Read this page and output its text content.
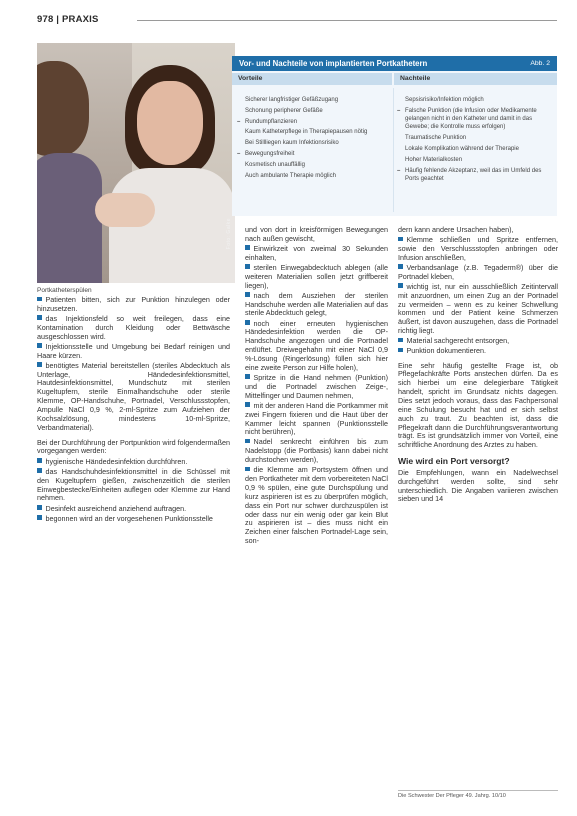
978 | PRAXIS
Foto: Galke
Portkatheterspülen
Vor- und Nachteile von implantierten Portkathetern	Abb. 2
Vorteile	Nachteile
Sicherer langfristiger Gefäßzugang
Schonung peripherer Gefäße
– Rundumpflanzieren
Kaum Katheterpflege in Therapiepausen nötig
Bei Stillliegen kaum Infektionsrisiko
– Bewegungsfreiheit
Kosmetisch unauffällig
Auch ambulante Therapie möglich
Sepsisrisiko/Infektion möglich
– Falsche Punktion (die Infusion oder Medikamente gelangen nicht in den Katheter und damit in das Gewebe; die Kontrolle muss erfolgen)
Traumatische Punktion
Lokale Komplikation während der Therapie
Hoher Materialkosten
– Häufig fehlende Akzeptanz, weil das im Umfeld des Ports geachtet

Patienten bitten, sich zur Punktion hinzulegen oder hinzusetzen.

das Injektionsfeld so weit freilegen, dass eine Kontamination durch Kleidung oder Bettwäsche ausgeschlossen wird.

Injektionsstelle und Umgebung bei Bedarf reinigen und Haare kürzen.

benötigtes Material bereitstellen (steriles Abdecktuch als Unterlage, Händedesinfektionsmittel, Hautdesinfektionsmittel, Mundschutz mit sterilen Kugeltupfern, sterile Einmalhandschuhe oder sterile Klemme, OP-Handschuhe, Portnadel, Verschlussstopfen, Ampulle NaCl 0,9 %, 2-ml-Spritze zum Aufziehen der Kochsalzlösung, mindestens 10-ml-Spritze, Verbandmaterial).

Bei der Durchführung der Portpunktion wird folgendermaßen vorgegangen werden:

hygienische Händedesinfektion durchführen.

das Handschuhdesinfektionsmittel in die Schüssel mit den Kugeltupfern gießen, zwischenzeitlich die sterilen Einwegbestecke/Einheiten auflegen oder Klemme zur Hand nehmen.

Desinfekt ausreichend anziehend auftragen.

begonnen wird an der vorgesehenen Punktionsstelle

und von dort in kreisförmigen Bewegungen nach außen gewischt,

Einwirkzeit von zweimal 30 Sekunden einhalten,

sterilen Einwegabdecktuch ablegen (alle weiteren Materialien sollen jetzt griffbereit liegen),

nach dem Ausziehen der sterilen Handschuhe werden alle Materialien auf das sterile Abdecktuch gelegt,

noch einer erneuten hygienischen Händedesinfektion werden die OP-Handschuhe angezogen und die Portnadel entlüftet. Dreiwegehahn mit einer NaCl 0,9 %-Lösung (Ringerlösung) füllen sich hier eine zweite Person zur Hilfe holen),

Spritze in die Hand nehmen (Punktion) und die Portnadel zwischen Zeige-, Mittelfinger und Daumen nehmen,

mit der anderen Hand die Portkammer mit zwei Fingern fixieren und die Haut über der Kammer leicht spannen (Punktionsstelle nicht berühren),

Nadel senkrecht einführen bis zum Nadelstopp (die Portbasis) kann dabei nicht durchstochen werden),

die Klemme am Portsystem öffnen und den Portkatheter mit dem vorbereiteten NaCl 0,9 % spülen, eine gute Durchspülung und kurz aspirieren ist es zu überprüfen möglich, dass ein Port nur schwer durchzuspülen ist oder dass nur ein wenig oder gar kein Blut zu aspirieren ist – dies muss nicht ein Zeichen einer falschen Portnadel-Lage sein, son-

dern kann andere Ursachen haben),

Klemme schließen und Spritze entfernen, sowie den Verschlussstopfen anbringen oder Infusion anschließen,

Verbandsanlage (z.B. Tegaderm®) über die Portnadel kleben,

wichtig ist, nur ein ausschließlich Zeitintervall mit anzuordnen, um einen Zug an der Portnadel zu vermeiden – wenn es zu keiner Schwellung kommen und der Patient keine Schmerzen äußert, ist davon auszugehen, dass die Portnadel richtig liegt.

Material sachgerecht entsorgen,

Punktion dokumentieren.

Eine sehr häufig gestellte Frage ist, ob Pflegefachkräfte Ports anstechen dürfen. Da es sich hierbei um eine delegierbare Tätigkeit handelt, spricht im Grundsatz nichts dagegen. Dies setzt jedoch voraus, dass das Fachpersonal eine Schulung besucht hat und er sich selbst auch zu traut. Zu beachten ist, dass die Pflegekraft dann die Durchführungsverantwortung trägt. Es ist grundsätzlich immer von Vorteil, eine schriftliche Anordnung des Arztes zu haben.

Wie wird ein Port versorgt?

Die Empfehlungen, wann ein Nadelwechsel durchgeführt werden sollte, sind sehr unterschiedlich. Die Angaben variieren zwischen sieben und 14

Die Schwester Der Pfleger 49. Jahrg. 10/10
